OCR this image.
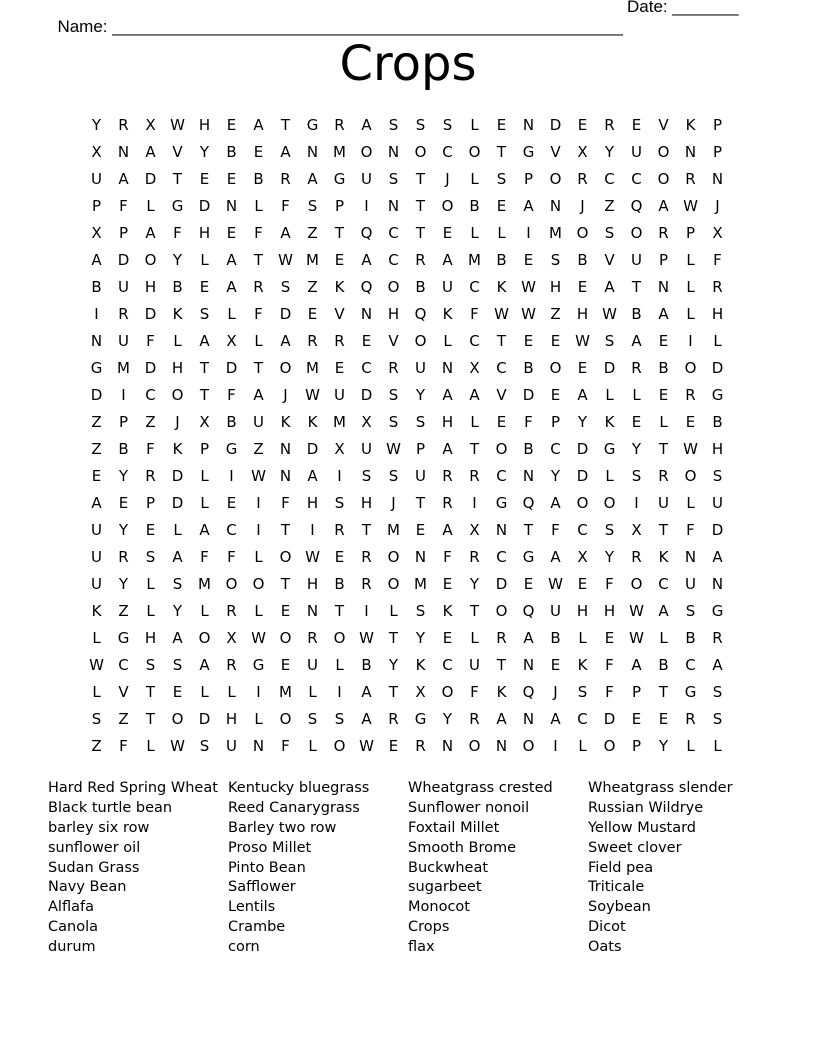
Name: ______________________________________________________

Date: _______

Crops
Y	R	X W H	E	A	T	G	R	A	S	S	S	L	E	N	D	E	R	E	V	K	P
X	N	A	V	Y	B	E	A	N M O	N	O	C	O	T	G	V	X	Y	U	O	N	P
U	A	D	T	E	E	B	R	A	G	U	S	T	J	L	S	P	O	R	C	C	O	R	N
P	F	L	G	D	N	L	F	S	P	I	N	T	O	B	E	A	N	J	Z	Q	A W	J
X	P	A	F	H	E	F	A	Z	T	Q	C	T	E	L	L	I	M O	S	O	R	P	X
A	D	O	Y	L	A	T	W M	E	A	C	R	A	M	B	E	S	B	V	U	P	L	F
B	U	H	B	E	A	R	S	Z	K	Q	O	B	U	C	K W H	E	A	T	N	L	R
I	R	D	K	S	L	F	D	E	V	N	H	Q	K	F	W W Z	H W B	A	L	H
N	U	F	L	A	X	L	A	R	R	E	V	O	L	C	T	E	E W S	A	E	I	L
G M D	H	T	D	T	O M	E	C	R	U	N	X	C	B	O	E	D	R	B	O	D
D	I	C	O	T	F	A	J	W U	D	S	Y	A	A	V	D	E	A	L	L	E	R	G
Z	P	Z	J	X	B	U	K	K	M	X	S	S	H	L	E	F	P	Y	K	E	L	E	B
Z	B	F	K	P	G	Z	N	D	X	U W	P	A	T	O	B	C	D	G	Y	T	W H
E	Y	R	D	L	I	W N	A	I	S	S	U	R	R	C	N	Y	D	L	S	R	O	S
A	E	P	D	L	E	I	F	H	S	H	J	T	R	I	G	Q	A	O	O	I	U	L	U
U	Y	E	L	A	C	I	T	I	R	T	M	E	A	X	N	T	F	C	S	X	T	F	D
U	R	S	A	F	F	L	O W E	R	O	N	F	R	C	G	A	X	Y	R	K	N	A
U	Y	L	S	M O	O	T	H	B	R	O M	E	Y	D	E W E	F	O	C	U	N
K	Z	L	Y	L	R	L	E	N	T	I	L	S	K	T	O	Q	U	H	H W A	S	G
L	G	H	A	O	X W O	R	O W T	Y	E	L	R	A	B	L	E W	L	B	R
W C	S	S	A	R	G	E	U	L	B	Y	K	C	U	T	N	E	K	F	A	B	C	A
L	V	T	E	L	L	I	M	L	I	A	T	X	O	F	K	Q	J	S	F	P	T	G	S
S	Z	T	O	D	H	L	O	S	S	A	R	G	Y	R	A	N	A	C	D	E	E	R	S
Z	F	L	W S	U	N	F	L	O W E	R	N	O	N	O	I	L	O	P	Y	L	L
Hard Red Spring Wheat
Black turtle bean
barley six row
sunflower oil
Sudan Grass
Navy Bean
Alflafa
Canola
durum
Kentucky bluegrass
Reed Canarygrass
Barley two row
Proso Millet
Pinto Bean
Safflower
Lentils
Crambe
corn
Wheatgrass crested
Sunflower nonoil
Foxtail Millet
Smooth Brome
Buckwheat
sugarbeet
Monocot
Crops
flax
Wheatgrass slender
Russian Wildrye
Yellow Mustard
Sweet clover
Field pea
Triticale
Soybean
Dicot
Oats
